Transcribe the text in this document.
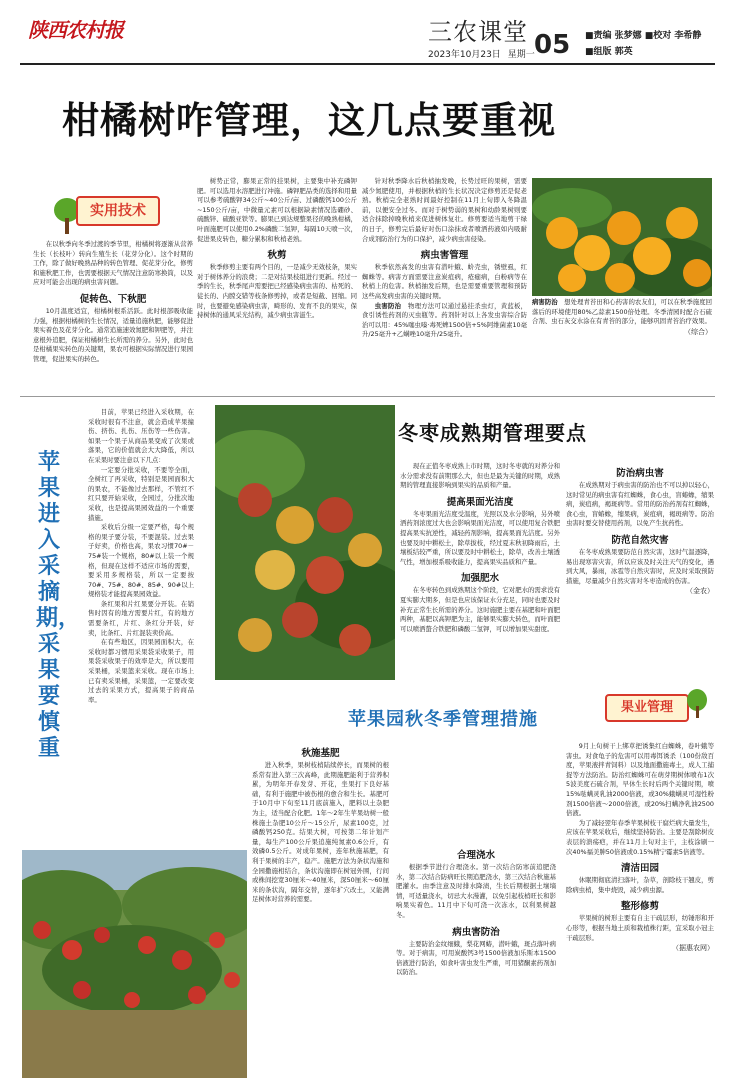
陕西农村报	三农课堂 05
2023年10月23日 星期一
■责编 张梦娜 ■校对 李希静
■组版 郭英
柑橘树咋管理，这几点要重视
实用技术

在以秋季向冬季过渡的季节里，柑橘树将逐渐从营养生长（长枝叶）转向生殖生长（花芽分化）。这个时期的工作，除了做好晚熟品种的转色管理、促花芽分化，修剪和施秋肥工作，也需要根据天气情况注意防寒换筒，以及应对可能会出现的病虫害问题。

促转色、下秋肥

10月温度适宜，柑橘树根系活跃。此时根部吸收能力强，根据柑橘树的生长情况，适量追施秋肥，能够促进果实着色及花芽分化。通常追施速效氮肥和钾肥等，并注意根外追肥，保证柑橘树生长所需的养分。另外，此时也是柑橘果实转色的关键期，果农可根据实际情况进行果园管理，促进果实的转色。

树势正常，膨果正常的挂果树，主要集中补充磷钾肥。可以选用水溶肥进行冲施。磷钾肥品类的选择和用量可以参考硫酸钾34公斤~40公斤/亩、过磷酸钙100公斤~150公斤/亩，中微量元素可以根据缺素情况选硼砂、硫酸锌、硫酸亚铁等。膨果已到达规整果径的晚熟柑橘，叶面施肥可以使用0.2%磷酸二氢钾，每隔10天喷一次，促进果皮转色，糖分累积和秋梢老熟。

秋剪

秋季修剪主要有两个目的，一是减少无效枝条，果实对于树体养分的浪费；二是对结果枝组进行更新。经过一季的生长，秋季尾声需要把已经感染病虫害的、枯死的、徒长的、内膛交错等枝条修剪掉，或者是短截、回缩。同时，也要避免感染病虫害，畸形的、发育不良的果实，保持树体的通风采光结构，减少病虫害滋生。

针对秋季降水后秋梢抽发晚，长势过旺的果树，需要减少氮肥使用，并根据秋梢的生长状况决定修剪还是促老熟。秋梢完全老熟时间最好控制在11月上旬即入冬降温前，以便安全过冬。而对于树势弱的果树和幼龄果树则要适合抹除掉晚秋梢来促进树体复壮。修剪要适当地剪干绿的日子，修剪完后最好对伤口涂抹或者喷洒药液如内吸耐合成剂防治行为的口保护，减少病虫害侵染。

病虫害管理

秋季依然高发的虫害有潜叶蛾、蚧壳虫，锈壁虱，红蜘蛛等。病害方面需要注意炭疽病，疮痂病，白粉病等在秋梢上的危害。秋梢抽发后期，也是需要重要管理和预防这些高发病虫害的关键时期。

虫害防治　 物理方法可以通过悬挂杀虫灯，黄蓝板，食引诱性药剂的灭虫瓶等。药剂针对以上各发虫害综合防治可以用：45%噻虫嗪·毒死蜱1500倍+5%阿维菌素10毫升/25毫升+乙螨唑10毫升/25毫升。

病害防治　 想处理青苔田和心药害的农友们，可以在秋季施度回落后的环境使用80%乙蒜素1500倍处理。冬季清园时配合石硫合剂、虫石灰交水涂在有青苔的部分，能够巩固青苔治疗效果。

（综合）
苹果进入采摘期，采果要慎重

目前，苹果已经进入采收期，在采收时很有不注意，就会造成苹果撞伤、挤伤、扎伤、压伤等一些伤害。如果一个果子从商品果变成了次果或落果，它的价值就会大大降低，所以在采果时要注意以下几点：

一定要分批采收，不要等全面，全树红了再采收，特别是果园面积大的果农，不能像过去那样，不管红不红只要开始采收，全园过，分批次地采收，也是提高果园效益的一个重要措施。

采收后分级一定要严格，每个规格的果子要分装，不要混装。过去果子好卖，价格也高，果农习惯70#－75#装一个规格，80#以上装一个规格，但现在这样不适应市场的需要，要采用多规格装，所以一定要按70#、75#、80#、85#、90#以上规格装才能提高果园效益。

条红果和片红果要分开装。在销售时因有的地方需要片红，有的地方需要条红，片红、条红分开装，好卖，比条红、片红混装卖价高。

在有些地区，因果园面积大，在采收时都习惯用采果袋采收果子，用果袋采收果子的效率是大，所以要用采果桶，采果篮来采收。现在市场上已有卖采果桶，采果篮，一定要改变过去的采果方式，提高果子的商品率。

冬枣成熟期管理要点

现在正值冬枣成熟上市时期，这时冬枣就的对养分和水分需求没有前期那么大，但也是最为关键的时期，成熟期的管理直接影响到果实的品质和产量。

提高果面光洁度

冬枣果面光洁度受温度，光照以及水分影响，另外喷洒药剂浓度过大也会影响果面光洁度，可以使用复合铁肥提高果实抗逆性，减轻药剂影响，提高果面光洁度。另外也要及时中耕松土，除草拔枝，经过夏末秋初降雨后，土壤板结较严重，所以要及时中耕松土，除草，改善土壤透气性，增加根系吸收能力，提高果实品质和产量。

加强肥水

在冬枣转色到成熟期这个阶段，它对肥水的需求没有夏实膨大期多，但是也应该保证水分充足，同时也要及时补充正常生长所需的养分。这时施肥主要在基肥和叶面肥两种，基肥以高钾肥为主，能够果实膨大转色，而叶面肥可以喷洒螯合铁肥和磷酸二氢钾，可以增加果实甜度。

防治病虫害

在成熟期对于病虫害的防治也不可以掉以轻心，这时常见的病虫害有红蜘蛛，食心虫，盲蝽蟓，缩果病，炭疽病，褐斑病等。常用的防治药剂有红蜘蛛，食心虫，盲蝽蟓，缩果病，炭疽病，褐斑病等。防治虫害时要交替使用药剂，以免产生抗药性。

防范自然灾害

在冬枣成熟果要防范自然灾害，这时气温逐降，易出现寒害灾害，所以应该及时关注天气的变化，遇到大风，暴雨，冰雹等自然灾害时，应及时采取预防措施，尽量减少自然灾害对冬枣造成的伤害。

（金农）
果业管理
苹果园秋冬季管理措施
秋施基肥

进入秋季，果树枝梢陆续停长，而果树的根系常有进入第三次高峰，此期施肥能利于营养积累，为明年开春发芽、开花，坐果打下良好基础，有利于施肥中被伤根的愈合和生长。基肥可于10月中下旬至11月底前施入，肥料以土杂肥为主，适当配合化肥。1年～2年生苹果幼树一般株施土杂肥10公斤～15公斤，尿素100克，过磷酸钙250克。结果大树，可按第二年计划产量，每生产100公斤果追施纯氮素0.6公斤，有效磷0.5公斤。对成年果树，连年秋施基肥，有利于果树的丰产，稳产。施肥方法为条状沟施和全园撒施相结合，条状沟施即在树冠外围，行间或株间挖宽30厘米～40厘米，深50厘米～60厘米的条状沟，隔年交替，逐年扩穴改土，又能满足树体对营养的需要。

合理浇水

根据季节进行合理浇水。第一次结合防寒前追肥浇水，第二次结合防病旺长期追肥浇水，第三次结合秋施基肥灌水。由季注意及时排水降渍，生长后期根据土壤墒情，可适量浇水，切忌大水漫灌，以免引起枝梢旺长和影响果实着色。11月中下旬可浇一次冻水，以利果树越冬。

病虫害防治

主要防治金纹细蛾，梨花网蝽，潜叶蛾，斑点落叶病等。对于病害，可用炭酸钙3号1500倍液加乐斯本1500倍液进行防治，如食叶害虫发生严重，可用猪酮素药剂加以防治。

9月上旬树干上绑草把诱集红白蜘蛛，卷叶蛾等害虫。对食龟子的危害可以用毒饵诱杀（100份敌百度，苹果液拌青饲料）以及地面撒施毒土，成人工捕捉等方法防治。防治红蜘蛛可在萌芽期树体喷布1次5波美度石硫合剂，早休生长时后两个关键时期，喷15%哒螨灵乳油2000倍液，或30%蛾螨灵可湿性粉剂1500倍液～2000倍液，或20%扫螨净乳油2500倍液。

为了减轻翌年春季苹果树枝干腐烂病大量发生，应该在苹果采收后，继续坚持防治。主要是刮除树皮表层的溃疡疤，并在11月上旬对主干，主枝涂刷一次40%福美胂50倍液或0.15%精宁霉素5倍液等。

清洁田园

休眠期彻底清扫落叶，杂草，剖除枝干翘皮，剪除病虫梢，集中烧毁，减少病虫源。

整形修剪

苹果树的树形主要有自主干疏层形，纺锤形和开心形等，根据当地土质和栽植株行距，宜采取小冠主干疏层形。

（据惠农网）
